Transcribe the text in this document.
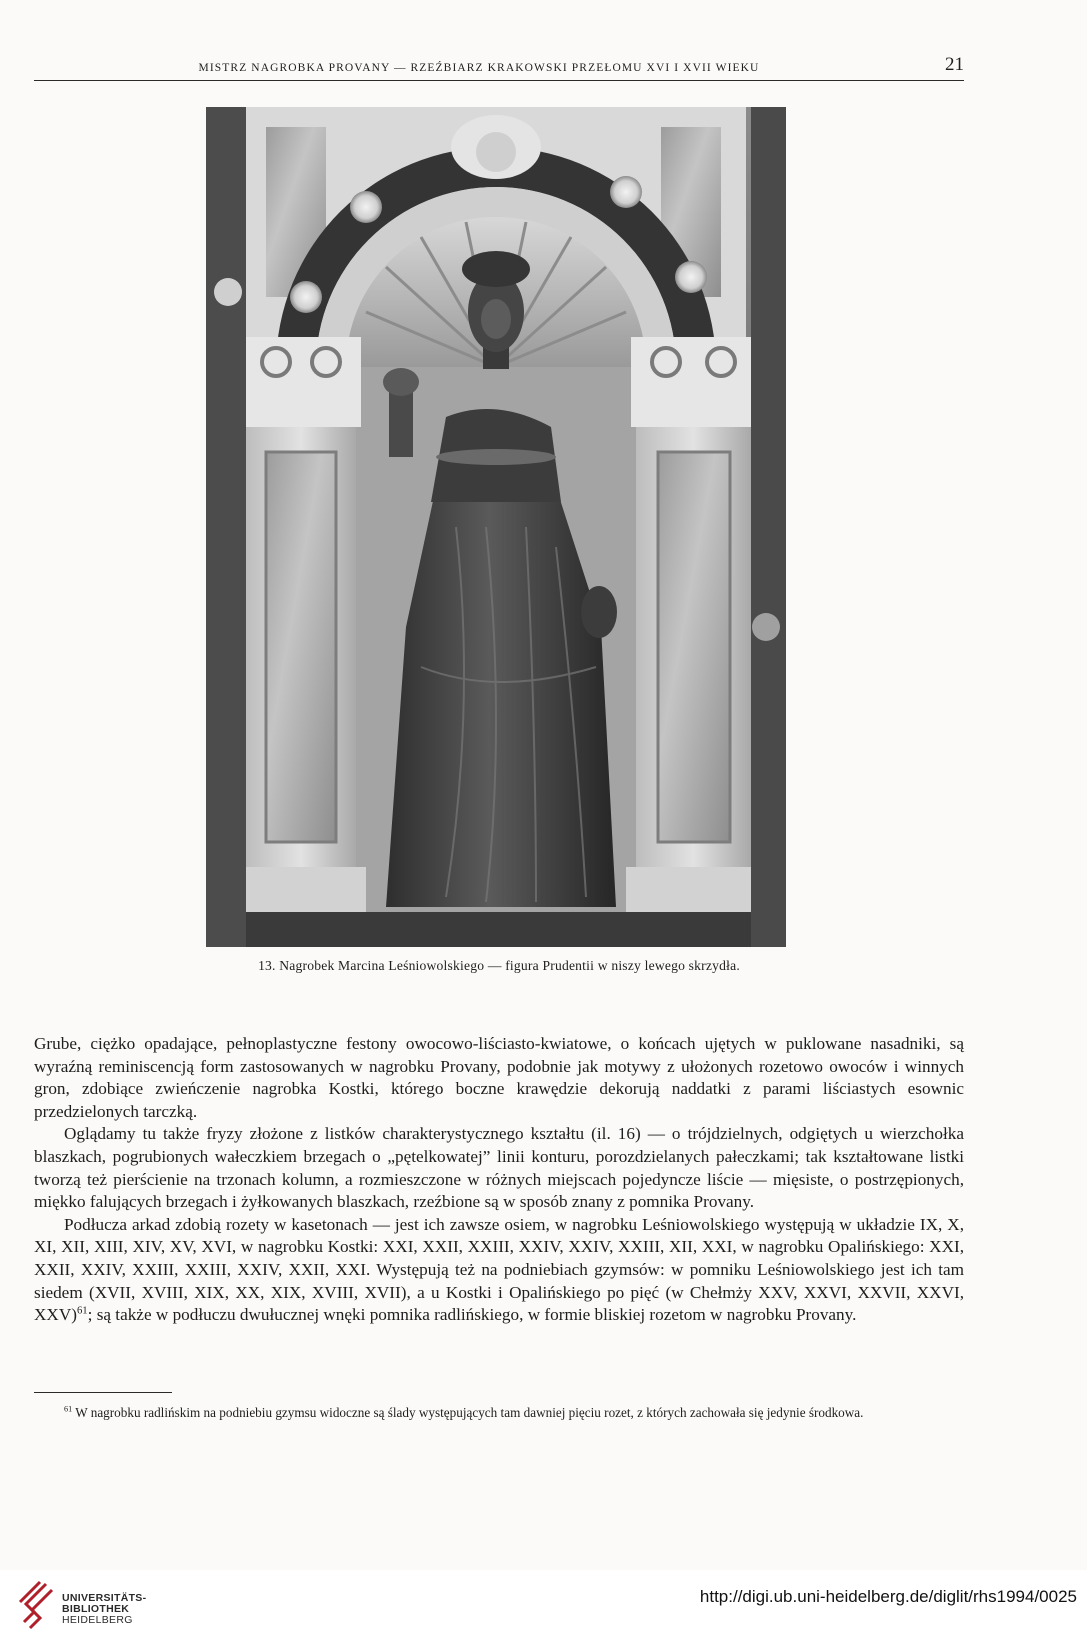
MISTRZ NAGROBKA PROVANY — RZEŹBIARZ KRAKOWSKI PRZEŁOMU XVI I XVII WIEKU	21
13. Nagrobek Marcina Leśniowolskiego — figura Prudentii w niszy lewego skrzydła.

Grube, ciężko opadające, pełnoplastyczne festony owocowo-liściasto-kwiatowe, o końcach ujętych w puklowane nasadniki, są wyraźną reminiscencją form zastosowanych w nagrobku Provany, podobnie jak motywy z ułożonych rozetowo owoców i winnych gron, zdobiące zwieńczenie nagrobka Kostki, którego boczne krawędzie dekorują naddatki z parami liściastych esownic przedzielonych tarczką.

Oglądamy tu także fryzy złożone z listków charakterystycznego kształtu (il. 16) — o trójdzielnych, odgiętych u wierzchołka blaszkach, pogrubionych wałeczkiem brzegach o „pętelkowatej” linii konturu, porozdzielanych pałeczkami; tak kształtowane listki tworzą też pierścienie na trzonach kolumn, a rozmieszczone w różnych miejscach pojedyncze liście — mięsiste, o postrzępionych, miękko falujących brzegach i żyłkowanych blaszkach, rzeźbione są w sposób znany z pomnika Provany.

Podłucza arkad zdobią rozety w kasetonach — jest ich zawsze osiem, w nagrobku Leśniowolskiego występują w układzie IX, X, XI, XII, XIII, XIV, XV, XVI, w nagrobku Kostki: XXI, XXII, XXIII, XXIV, XXIV, XXIII, XII, XXI, w nagrobku Opalińskiego: XXI, XXII, XXIV, XXIII, XXIII, XXIV, XXII, XXI. Występują też na podniebiach gzymsów: w pomniku Leśniowolskiego jest ich tam siedem (XVII, XVIII, XIX, XX, XIX, XVIII, XVII), a u Kostki i Opalińskiego po pięć (w Chełmży XXV, XXVI, XXVII, XXVI, XXV)$^{61}$; są także w podłuczu dwułucznej wnęki pomnika radlińskiego, w formie bliskiej rozetom w nagrobku Provany.

$^{61}$ W nagrobku radlińskim na podniebiu gzymsu widoczne są ślady występujących tam dawniej pięciu rozet, z których zachowała się jedynie środkowa.
UNIVERSITÄTS-
BIBLIOTHEK
HEIDELBERG
http://digi.ub.uni-heidelberg.de/diglit/rhs1994/0025
